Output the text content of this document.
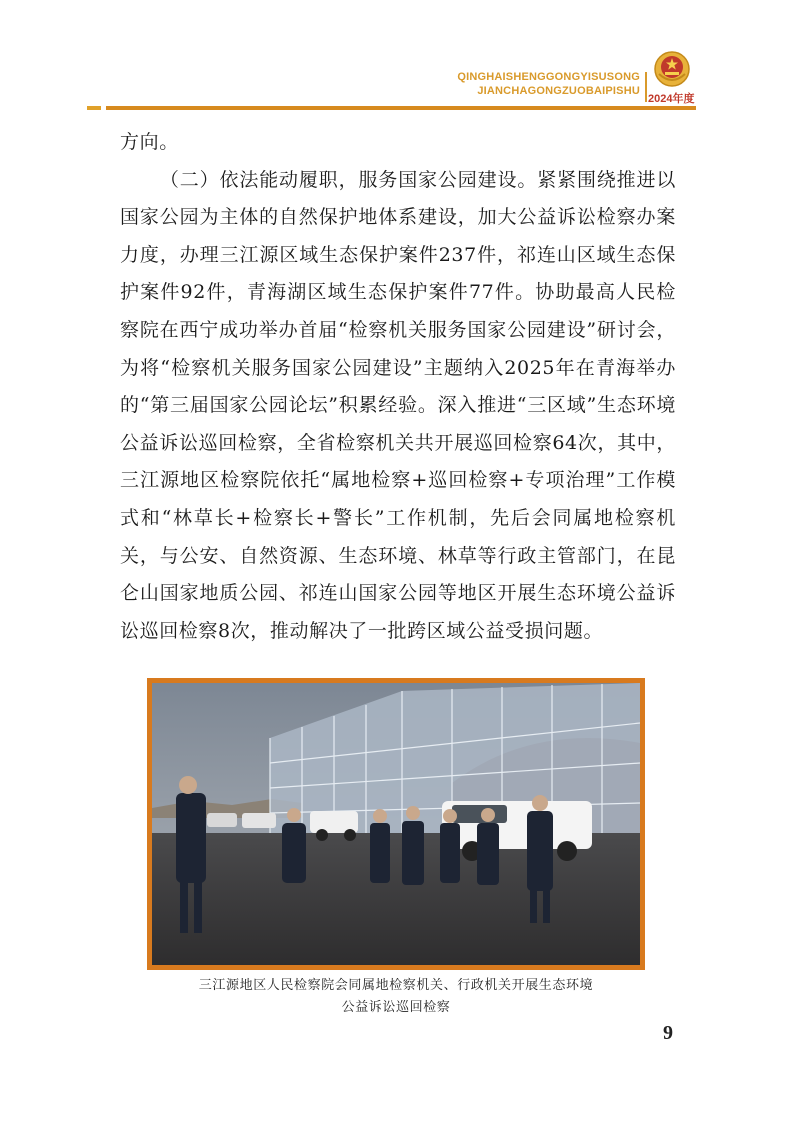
QINGHAISHENGGONGYISUSONG
JIANCHAGONGZUOBAIPISHU
2024年度

方向。

（二）依法能动履职，服务国家公园建设。紧紧围绕推进以国家公园为主体的自然保护地体系建设，加大公益诉讼检察办案力度，办理三江源区域生态保护案件237件，祁连山区域生态保护案件92件，青海湖区域生态保护案件77件。协助最高人民检察院在西宁成功举办首届“检察机关服务国家公园建设”研讨会，为将“检察机关服务国家公园建设”主题纳入2025年在青海举办的“第三届国家公园论坛”积累经验。深入推进“三区域”生态环境公益诉讼巡回检察，全省检察机关共开展巡回检察64次，其中，三江源地区检察院依托“属地检察+巡回检察+专项治理”工作模式和“林草长+检察长+警长”工作机制，先后会同属地检察机关，与公安、自然资源、生态环境、林草等行政主管部门，在昆仑山国家地质公园、祁连山国家公园等地区开展生态环境公益诉讼巡回检察8次，推动解决了一批跨区域公益受损问题。

三江源地区人民检察院会同属地检察机关、行政机关开展生态环境
公益诉讼巡回检察
9
